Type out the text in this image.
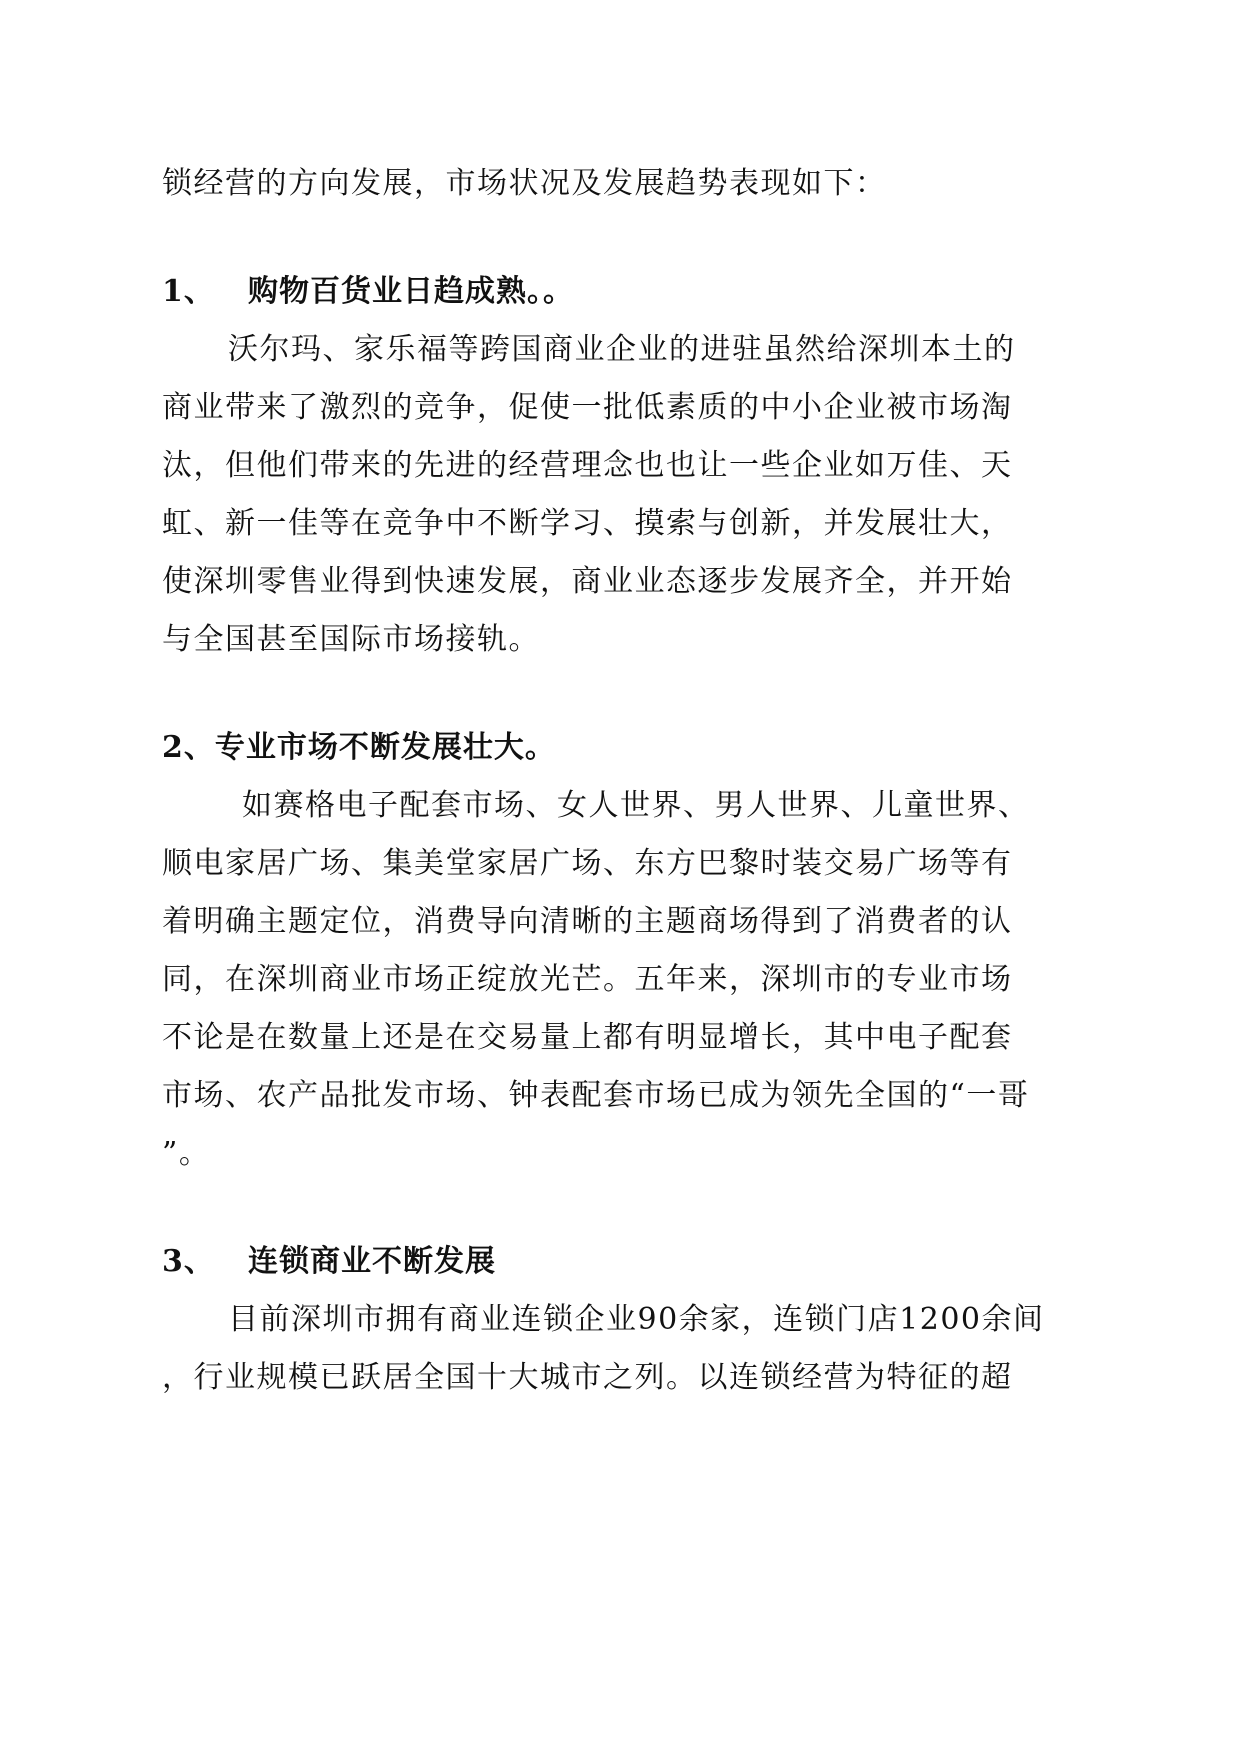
锁经营的方向发展，市场状况及发展趋势表现如下：
1、 购物百货业日趋成熟。。
沃尔玛、家乐福等跨国商业企业的进驻虽然给深圳本土的
商业带来了激烈的竞争，促使一批低素质的中小企业被市场淘
汰，但他们带来的先进的经营理念也也让一些企业如万佳、天
虹、新一佳等在竞争中不断学习、摸索与创新，并发展壮大，
使深圳零售业得到快速发展，商业业态逐步发展齐全，并开始
与全国甚至国际市场接轨。
2、专业市场不断发展壮大。
如赛格电子配套市场、女人世界、男人世界、儿童世界、
顺电家居广场、集美堂家居广场、东方巴黎时装交易广场等有
着明确主题定位，消费导向清晰的主题商场得到了消费者的认
同，在深圳商业市场正绽放光芒。五年来，深圳市的专业市场
不论是在数量上还是在交易量上都有明显增长，其中电子配套
市场、农产品批发市场、钟表配套市场已成为领先全国的“一哥
”。
3、 连锁商业不断发展
目前深圳市拥有商业连锁企业90余家，连锁门店1200余间
，行业规模已跃居全国十大城市之列。以连锁经营为特征的超
